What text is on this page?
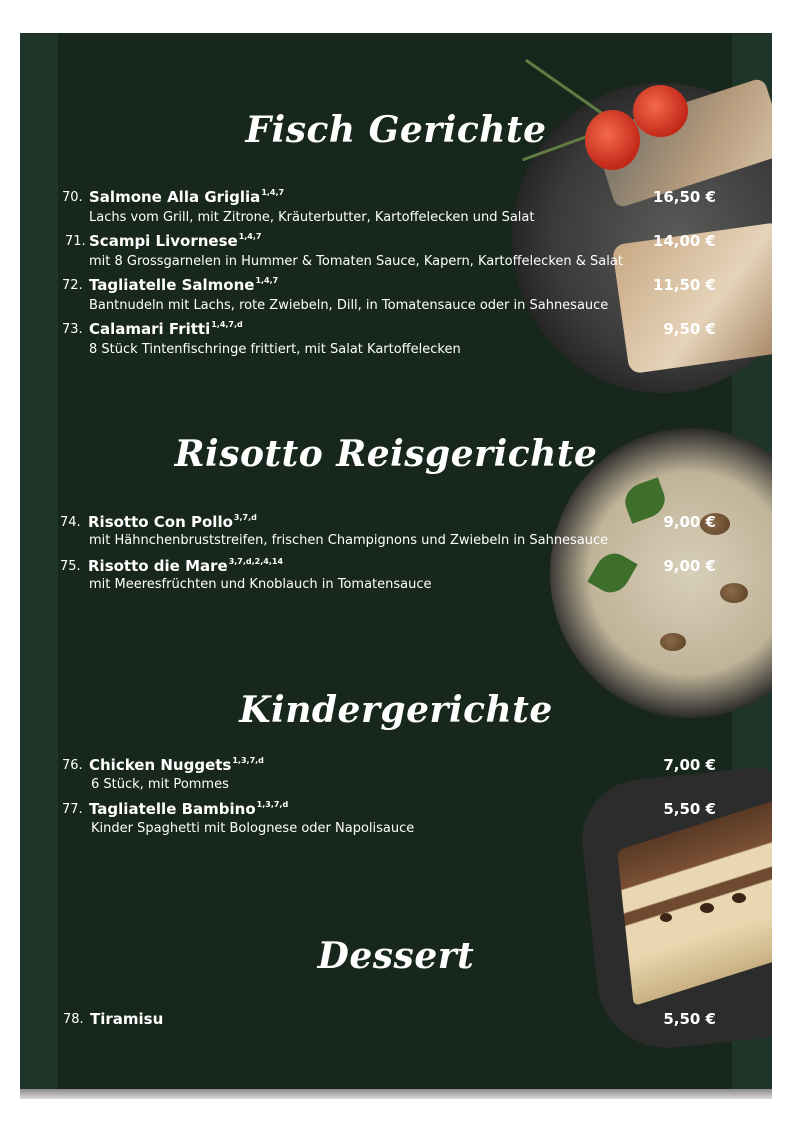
Fisch Gerichte
70. Salmone Alla Griglia$^{1,4,7}$	16,50 €
Lachs vom Grill, mit Zitrone, Kräuterbutter, Kartoffelecken und Salat
71. Scampi Livornese$^{1,4,7}$	14,00 €
mit 8 Grossgarnelen in Hummer & Tomaten Sauce, Kapern, Kartoffelecken & Salat
72. Tagliatelle Salmone$^{1,4,7}$	11,50 €
Bantnudeln mit Lachs, rote Zwiebeln, Dill, in Tomatensauce oder in Sahnesauce
73. Calamari Fritti$^{1,4,7,d}$	9,50 €
8 Stück Tintenfischringe frittiert, mit Salat Kartoffelecken
Risotto Reisgerichte
74. Risotto Con Pollo$^{3,7,d}$	9,00 €
mit Hähnchenbruststreifen, frischen Champignons und Zwiebeln in Sahnesauce
75. Risotto die Mare$^{3,7,d,2,4,14}$	9,00 €
mit Meeresfrüchten und Knoblauch in Tomatensauce
Kindergerichte
76. Chicken Nuggets$^{1,3,7,d}$	7,00 €
6 Stück, mit Pommes
77. Tagliatelle Bambino$^{1,3,7,d}$	5,50 €
Kinder Spaghetti mit Bolognese oder Napolisauce
Dessert
78. Tiramisu	5,50 €
